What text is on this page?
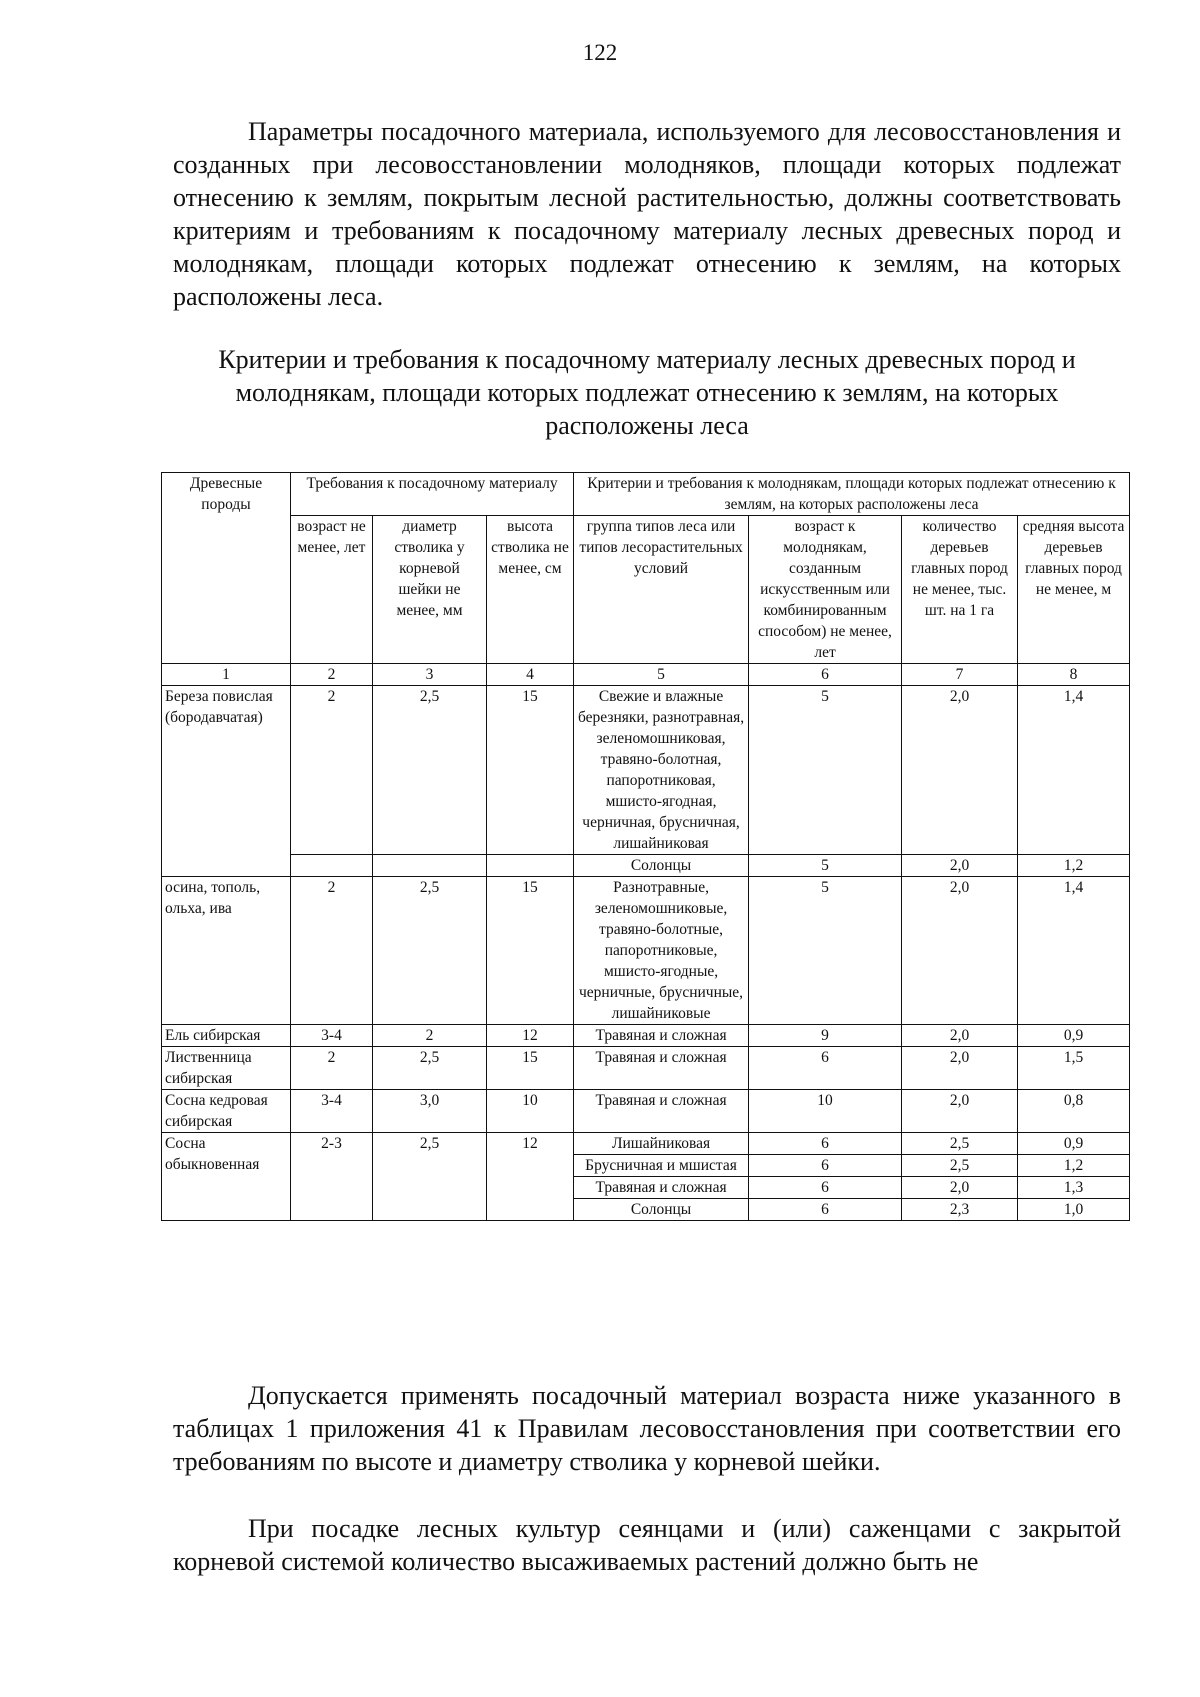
122

Параметры посадочного материала, используемого для лесовосстановления и созданных при лесовосстановлении молодняков, площади которых подлежат отнесению к землям, покрытым лесной растительностью, должны соответствовать критериям и требованиям к посадочному материалу лесных древесных пород и молоднякам, площади которых подлежат отнесению к землям, на которых расположены леса.

Критерии и требования к посадочному материалу лесных древесных пород и молоднякам, площади которых подлежат отнесению к землям, на которых расположены леса

Древесные породы	Требования к посадочному материалу			Критерии и требования к молоднякам, площади которых подлежат отнесению к землям, на которых расположены леса			
	возраст не менее, лет	диаметр стволика у корневой шейки не менее, мм	высота стволика не менее, см	группа типов леса или типов лесорастительных условий	возраст к молоднякам, созданным искусственным или комбинированным способом) не менее, лет	количество деревьев главных пород не менее, тыс. шт. на 1 га	средняя высота деревьев главных пород не менее, м
1	2	3	4	5	6	7	8
Береза повислая (бородавчатая)	2	2,5	15	Свежие и влажные березняки, разнотравная, зеленомошниковая, травяно-болотная, папоротниковая, мшисто-ягодная, черничная, брусничная, лишайниковая	5	2,0	1,4
				Солонцы	5	2,0	1,2
осина, тополь, ольха, ива	2	2,5	15	Разнотравные, зеленомошниковые, травяно-болотные, папоротниковые, мшисто-ягодные, черничные, брусничные, лишайниковые	5	2,0	1,4
Ель сибирская	3-4	2	12	Травяная и сложная	9	2,0	0,9
Лиственница сибирская	2	2,5	15	Травяная и сложная	6	2,0	1,5
Сосна кедровая сибирская	3-4	3,0	10	Травяная и сложная	10	2,0	0,8
Сосна обыкновенная	2-3	2,5	12	Лишайниковая	6	2,5	0,9
				Брусничная и мшистая	6	2,5	1,2
				Травяная и сложная	6	2,0	1,3
				Солонцы	6	2,3	1,0

Допускается применять посадочный материал возраста ниже указанного в таблицах 1 приложения 41 к Правилам лесовосстановления при соответствии его требованиям по высоте и диаметру стволика у корневой шейки.

При посадке лесных культур сеянцами и (или) саженцами с закрытой корневой системой количество высаживаемых растений должно быть не
